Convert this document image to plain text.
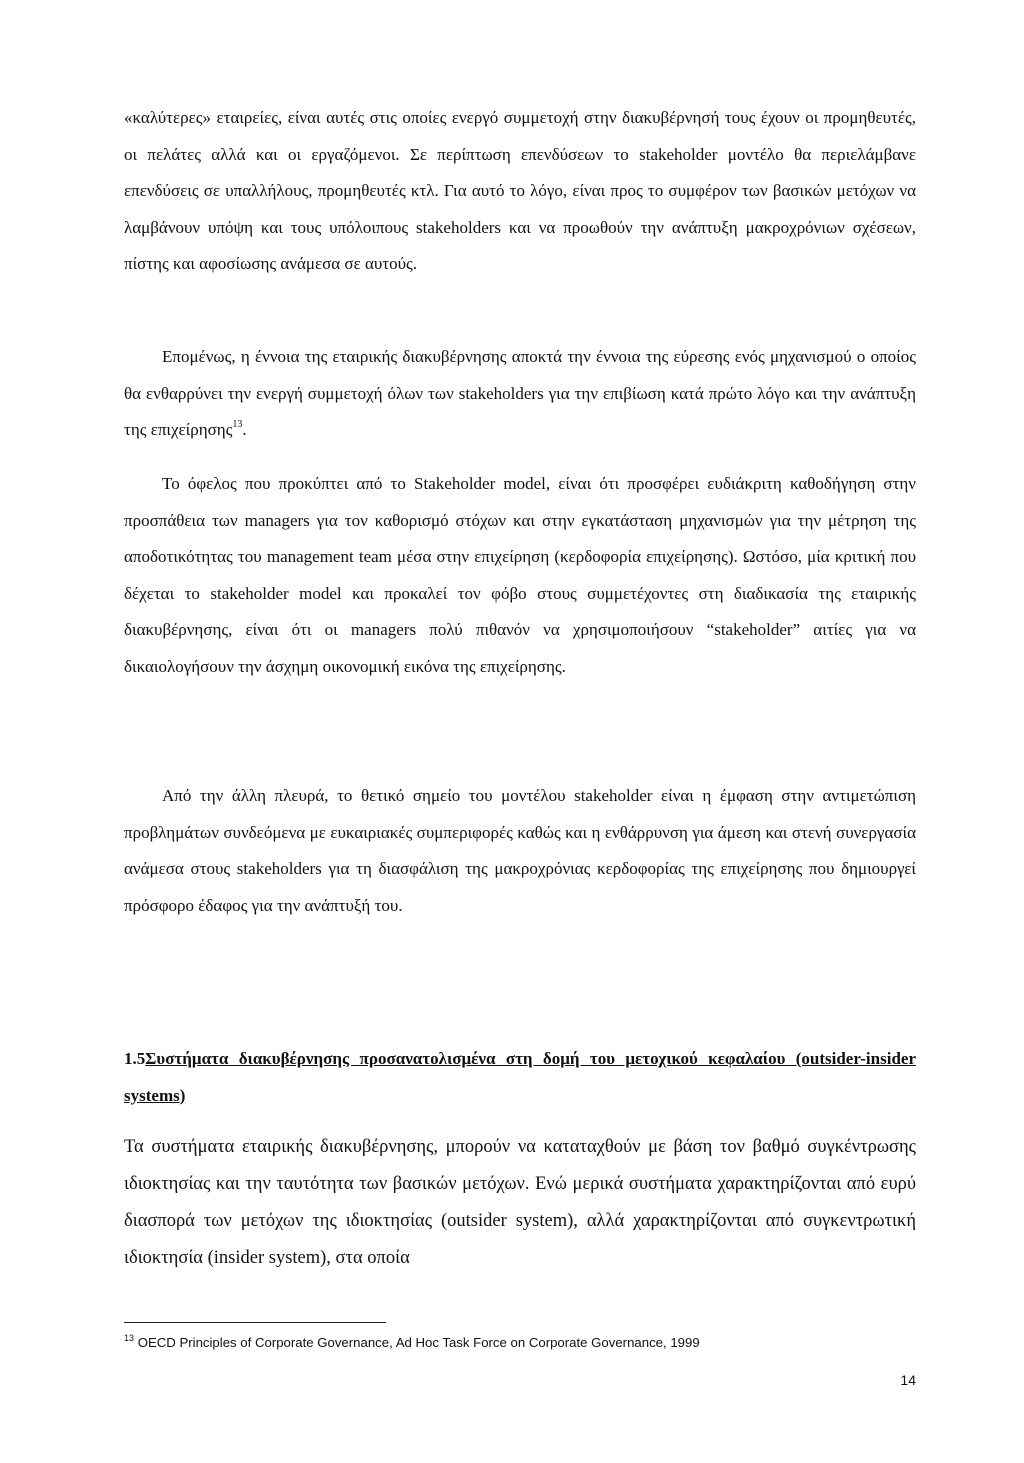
«καλύτερες» εταιρείες, είναι αυτές στις οποίες ενεργό συμμετοχή στην διακυβέρνησή τους έχουν οι προμηθευτές, οι πελάτες αλλά και οι εργαζόμενοι. Σε περίπτωση επενδύσεων το stakeholder μοντέλο θα περιελάμβανε επενδύσεις σε υπαλλήλους, προμηθευτές κτλ. Για αυτό το λόγο, είναι προς το συμφέρον των βασικών μετόχων να λαμβάνουν υπόψη και τους υπόλοιπους stakeholders και να προωθούν την ανάπτυξη μακροχρόνιων σχέσεων, πίστης και αφοσίωσης ανάμεσα σε αυτούς.

Επομένως, η έννοια της εταιρικής διακυβέρνησης αποκτά την έννοια της εύρεσης ενός μηχανισμού ο οποίος θα ενθαρρύνει την ενεργή συμμετοχή όλων των stakeholders για την επιβίωση κατά πρώτο λόγο και την ανάπτυξη της επιχείρησης$^{13}$.

Το όφελος που προκύπτει από το Stakeholder model, είναι ότι προσφέρει ευδιάκριτη καθοδήγηση στην προσπάθεια των managers για τον καθορισμό στόχων και στην εγκατάσταση μηχανισμών για την μέτρηση της αποδοτικότητας του management team μέσα στην επιχείρηση (κερδοφορία επιχείρησης). Ωστόσο, μία κριτική που δέχεται το stakeholder model και προκαλεί τον φόβο στους συμμετέχοντες στη διαδικασία της εταιρικής διακυβέρνησης, είναι ότι οι managers πολύ πιθανόν να χρησιμοποιήσουν “stakeholder” αιτίες για να δικαιολογήσουν την άσχημη οικονομική εικόνα της επιχείρησης.

Από την άλλη πλευρά, το θετικό σημείο του μοντέλου stakeholder είναι η έμφαση στην αντιμετώπιση προβλημάτων συνδεόμενα με ευκαιριακές συμπεριφορές καθώς και η ενθάρρυνση για άμεση και στενή συνεργασία ανάμεσα στους stakeholders για τη διασφάλιση της μακροχρόνιας κερδοφορίας της επιχείρησης που δημιουργεί πρόσφορο έδαφος για την ανάπτυξή του.

1.5Συστήματα διακυβέρνησης προσανατολισμένα στη δομή του μετοχικού κεφαλαίου (outsider-insider systems)

Τα συστήματα εταιρικής διακυβέρνησης, μπορούν να καταταχθούν με βάση τον βαθμό συγκέντρωσης ιδιοκτησίας και την ταυτότητα των βασικών μετόχων. Ενώ μερικά συστήματα χαρακτηρίζονται από ευρύ διασπορά των μετόχων της ιδιοκτησίας (outsider system), αλλά χαρακτηρίζονται από συγκεντρωτική ιδιοκτησία (insider system), στα οποία

$^{13}$ OECD Principles of Corporate Governance, Ad Hoc Task Force on Corporate Governance, 1999

14
